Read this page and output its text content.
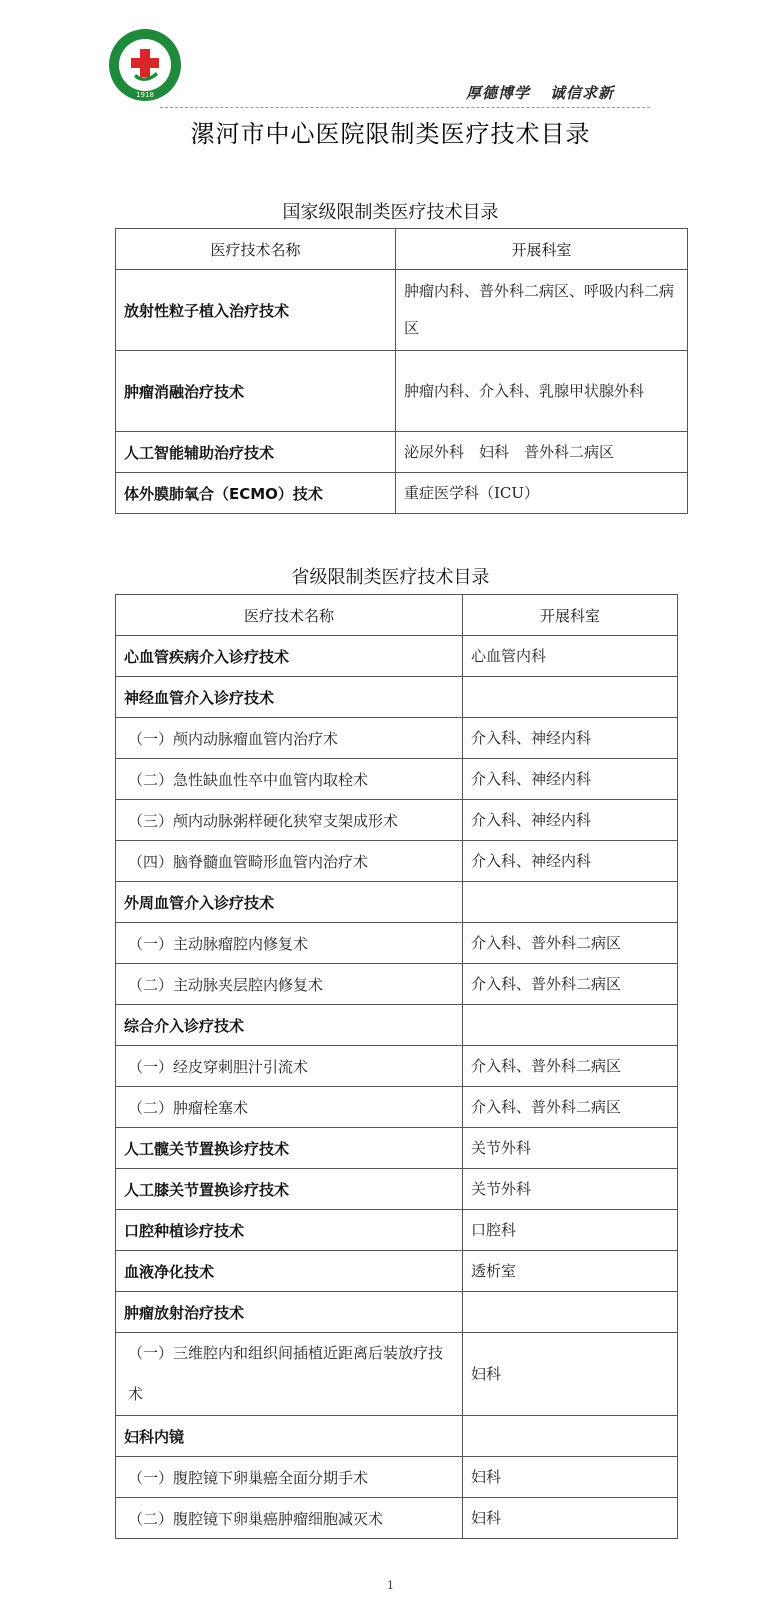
1918	厚德博学 诚信求新
漯河市中心医院限制类医疗技术目录
国家级限制类医疗技术目录
医疗技术名称	开展科室
放射性粒子植入治疗技术	肿瘤内科、普外科二病区、呼吸内科二病区
肿瘤消融治疗技术	肿瘤内科、介入科、乳腺甲状腺外科
人工智能辅助治疗技术	泌尿外科　妇科　普外科二病区
体外膜肺氧合（ECMO）技术	重症医学科（ICU）
省级限制类医疗技术目录
医疗技术名称	开展科室
心血管疾病介入诊疗技术	心血管内科
神经血管介入诊疗技术	
（一）颅内动脉瘤血管内治疗术	介入科、神经内科
（二）急性缺血性卒中血管内取栓术	介入科、神经内科
（三）颅内动脉粥样硬化狭窄支架成形术	介入科、神经内科
（四）脑脊髓血管畸形血管内治疗术	介入科、神经内科
外周血管介入诊疗技术	
（一）主动脉瘤腔内修复术	介入科、普外科二病区
（二）主动脉夹层腔内修复术	介入科、普外科二病区
综合介入诊疗技术	
（一）经皮穿刺胆汁引流术	介入科、普外科二病区
（二）肿瘤栓塞术	介入科、普外科二病区
人工髋关节置换诊疗技术	关节外科
人工膝关节置换诊疗技术	关节外科
口腔种植诊疗技术	口腔科
血液净化技术	透析室
肿瘤放射治疗技术	
（一）三维腔内和组织间插植近距离后装放疗技术	妇科
妇科内镜	
（一）腹腔镜下卵巢癌全面分期手术	妇科
（二）腹腔镜下卵巢癌肿瘤细胞减灭术	妇科
1
